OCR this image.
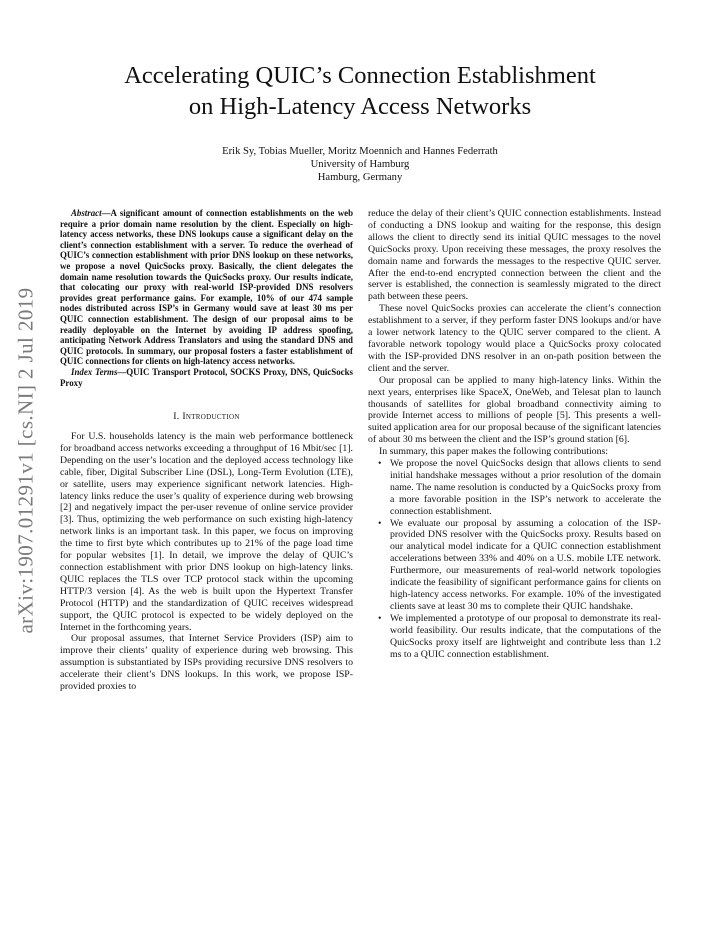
arXiv:1907.01291v1 [cs.NI] 2 Jul 2019
Accelerating QUIC’s Connection Establishment
on High-Latency Access Networks
Erik Sy, Tobias Mueller, Moritz Moennich and Hannes Federrath
University of Hamburg
Hamburg, Germany

Abstract—A significant amount of connection establishments on the web require a prior domain name resolution by the client. Especially on high-latency access networks, these DNS lookups cause a significant delay on the client’s connection establishment with a server. To reduce the overhead of QUIC’s connection establishment with prior DNS lookup on these networks, we propose a novel QuicSocks proxy. Basically, the client delegates the domain name resolution towards the QuicSocks proxy. Our results indicate, that colocating our proxy with real-world ISP-provided DNS resolvers provides great performance gains. For example, 10% of our 474 sample nodes distributed across ISP’s in Germany would save at least 30 ms per QUIC connection establishment. The design of our proposal aims to be readily deployable on the Internet by avoiding IP address spoofing, anticipating Network Address Translators and using the standard DNS and QUIC protocols. In summary, our proposal fosters a faster establishment of QUIC connections for clients on high-latency access networks.

Index Terms—QUIC Transport Protocol, SOCKS Proxy, DNS, QuicSocks Proxy

I. Introduction

For U.S. households latency is the main web performance bottleneck for broadband access networks exceeding a throughput of 16 Mbit/sec [1]. Depending on the user’s location and the deployed access technology like cable, fiber, Digital Subscriber Line (DSL), Long-Term Evolution (LTE), or satellite, users may experience significant network latencies. High-latency links reduce the user’s quality of experience during web browsing [2] and negatively impact the per-user revenue of online service provider [3]. Thus, optimizing the web performance on such existing high-latency network links is an important task. In this paper, we focus on improving the time to first byte which contributes up to 21% of the page load time for popular websites [1]. In detail, we improve the delay of QUIC’s connection establishment with prior DNS lookup on high-latency links. QUIC replaces the TLS over TCP protocol stack within the upcoming HTTP/3 version [4]. As the web is built upon the Hypertext Transfer Protocol (HTTP) and the standardization of QUIC receives widespread support, the QUIC protocol is expected to be widely deployed on the Internet in the forthcoming years.

Our proposal assumes, that Internet Service Providers (ISP) aim to improve their clients’ quality of experience during web browsing. This assumption is substantiated by ISPs providing recursive DNS resolvers to accelerate their client’s DNS lookups. In this work, we propose ISP-provided proxies to

reduce the delay of their client’s QUIC connection establishments. Instead of conducting a DNS lookup and waiting for the response, this design allows the client to directly send its initial QUIC messages to the novel QuicSocks proxy. Upon receiving these messages, the proxy resolves the domain name and forwards the messages to the respective QUIC server. After the end-to-end encrypted connection between the client and the server is established, the connection is seamlessly migrated to the direct path between these peers.

These novel QuicSocks proxies can accelerate the client’s connection establishment to a server, if they perform faster DNS lookups and/or have a lower network latency to the QUIC server compared to the client. A favorable network topology would place a QuicSocks proxy colocated with the ISP-provided DNS resolver in an on-path position between the client and the server.

Our proposal can be applied to many high-latency links. Within the next years, enterprises like SpaceX, OneWeb, and Telesat plan to launch thousands of satellites for global broadband connectivity aiming to provide Internet access to millions of people [5]. This presents a well-suited application area for our proposal because of the significant latencies of about 30 ms between the client and the ISP’s ground station [6].

In summary, this paper makes the following contributions:

• We propose the novel QuicSocks design that allows clients to send initial handshake messages without a prior resolution of the domain name. The name resolution is conducted by a QuicSocks proxy from a more favorable position in the ISP’s network to accelerate the connection establishment.
• We evaluate our proposal by assuming a colocation of the ISP-provided DNS resolver with the QuicSocks proxy. Results based on our analytical model indicate for a QUIC connection establishment accelerations between 33% and 40% on a U.S. mobile LTE network. Furthermore, our measurements of real-world network topologies indicate the feasibility of significant performance gains for clients on high-latency access networks. For example. 10% of the investigated clients save at least 30 ms to complete their QUIC handshake.
• We implemented a prototype of our proposal to demonstrate its real-world feasibility. Our results indicate, that the computations of the QuicSocks proxy itself are lightweight and contribute less than 1.2 ms to a QUIC connection establishment.
